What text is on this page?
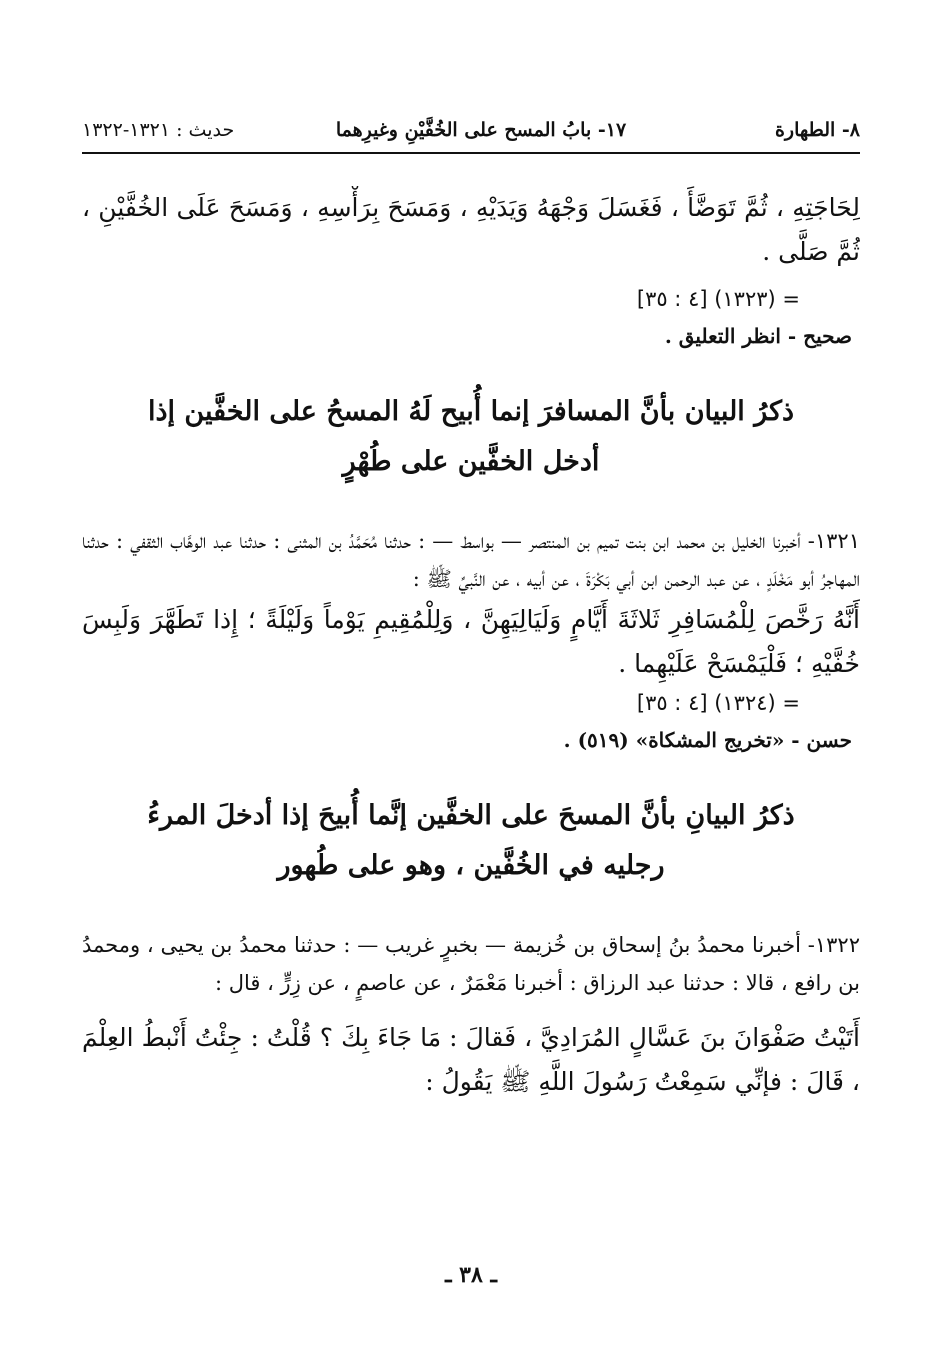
٨- الطهارة
١٧- بابُ المسح على الخُفَّيْنِ وغيرِهما
حديث : ١٣٢١-١٣٢٢

لِحَاجَتِهِ ، ثُمَّ تَوَضَّأَ ، فَغَسَلَ وَجْهَهُ وَيَدَيْهِ ، وَمَسَحَ بِرَأْسِهِ ، وَمَسَحَ عَلَى الخُفَّيْنِ ، ثُمَّ صَلَّى .

= (١٣٢٣) [٤ : ٣٥]

صحيح - انظر التعليق .

ذكرُ البيان بأنَّ المسافرَ إنما أُبيح لَهُ المسحُ على الخفَّين إذا أدخل الخفَّين على طُهْرٍ

١٣٢١- أخبرنا الخليل بن محمد ابن بنت تميم بن المنتصر — بواسط — : حدثنا مُحَمَّدُ بن المثنى : حدثنا عبد الوهَّاب الثقفي : حدثنا المهاجرُ أبو مَخْلَدٍ ، عن عبد الرحمن ابن أبي بَكْرَةَ ، عن أبيه ، عن النَّبيِّ ﷺ :

أَنَّهُ رَخَّصَ لِلْمُسَافِرِ ثَلاثَةَ أَيَّامٍ وَلَيَالِيَهِنَّ ، وَلِلْمُقِيمِ يَوْماً وَلَيْلَةً ؛ إِذا تَطَهَّرَ وَلَبِسَ خُفَّيْهِ ؛ فَلْيَمْسَحْ عَلَيْهِما .

= (١٣٢٤) [٤ : ٣٥]

حسن - «تخريج المشكاة» (٥١٩) .

ذكرُ البيانِ بأنَّ المسحَ على الخفَّين إنَّما أُبيحَ إذا أدخلَ المرءُ رجليه في الخُفَّين ، وهو على طُهور

١٣٢٢- أخبرنا محمدُ بنُ إسحاق بن خُزيمة — بخبرٍ غريب — : حدثنا محمدُ بن يحيى ، ومحمدُ بن رافع ، قالا : حدثنا عبد الرزاق : أخبرنا مَعْمَرٌ ، عن عاصمٍ ، عن زِرٍّ ، قال :

أَتَيْتُ صَفْوَانَ بنَ عَسَّالٍ المُرَادِيَّ ، فَقالَ : مَا جَاءَ بِكَ ؟ قُلْتُ : جِئْتُ أَنْبطُ العِلْمَ ، قَالَ : فإنِّي سَمِعْتُ رَسُولَ اللَّهِ ﷺ يَقُولُ :

ـ ٣٨ ـ
